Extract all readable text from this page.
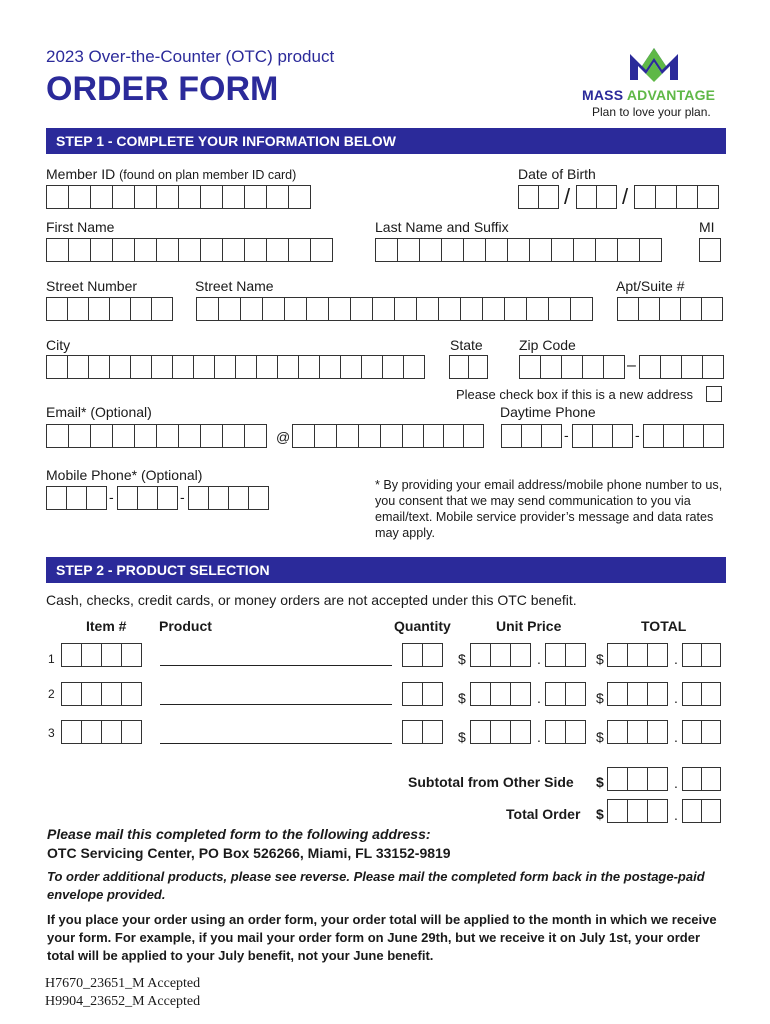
2023 Over-the-Counter (OTC) product
ORDER FORM	MASS ADVANTAGE
Plan to love your plan.
STEP 1 - COMPLETE YOUR INFORMATION BELOW
Member ID (found on plan member ID card)	Date of Birth
/ /
First Name	Last Name and Suffix	MI
Street Number	Street Name	Apt/Suite #
City	State	Zip Code
–
Please check box if this is a new address
Email* (Optional)	Daytime Phone
@	-	-
Mobile Phone* (Optional)
-	-
* By providing your email address/mobile phone number to us, you consent that we may send communication to you via email/text. Mobile service provider’s message and data rates may apply.
STEP 2 - PRODUCT SELECTION
Cash, checks, credit cards, or money orders are not accepted under this OTC benefit.
Item # Product	Quantity	Unit Price	TOTAL
1	$	.	$	.
2	$	.	$	.
3	$	.	$	.
Subtotal from Other Side $	.
Total Order $	.
Please mail this completed form to the following address:
OTC Servicing Center, PO Box 526266, Miami, FL 33152-9819
To order additional products, please see reverse. Please mail the completed form back in the postage-paid envelope provided.
If you place your order using an order form, your order total will be applied to the month in which we receive your form. For example, if you mail your order form on June 29th, but we receive it on July 1st, your order total will be applied to your July benefit, not your June benefit.
H7670_23651_M Accepted
H9904_23652_M Accepted
